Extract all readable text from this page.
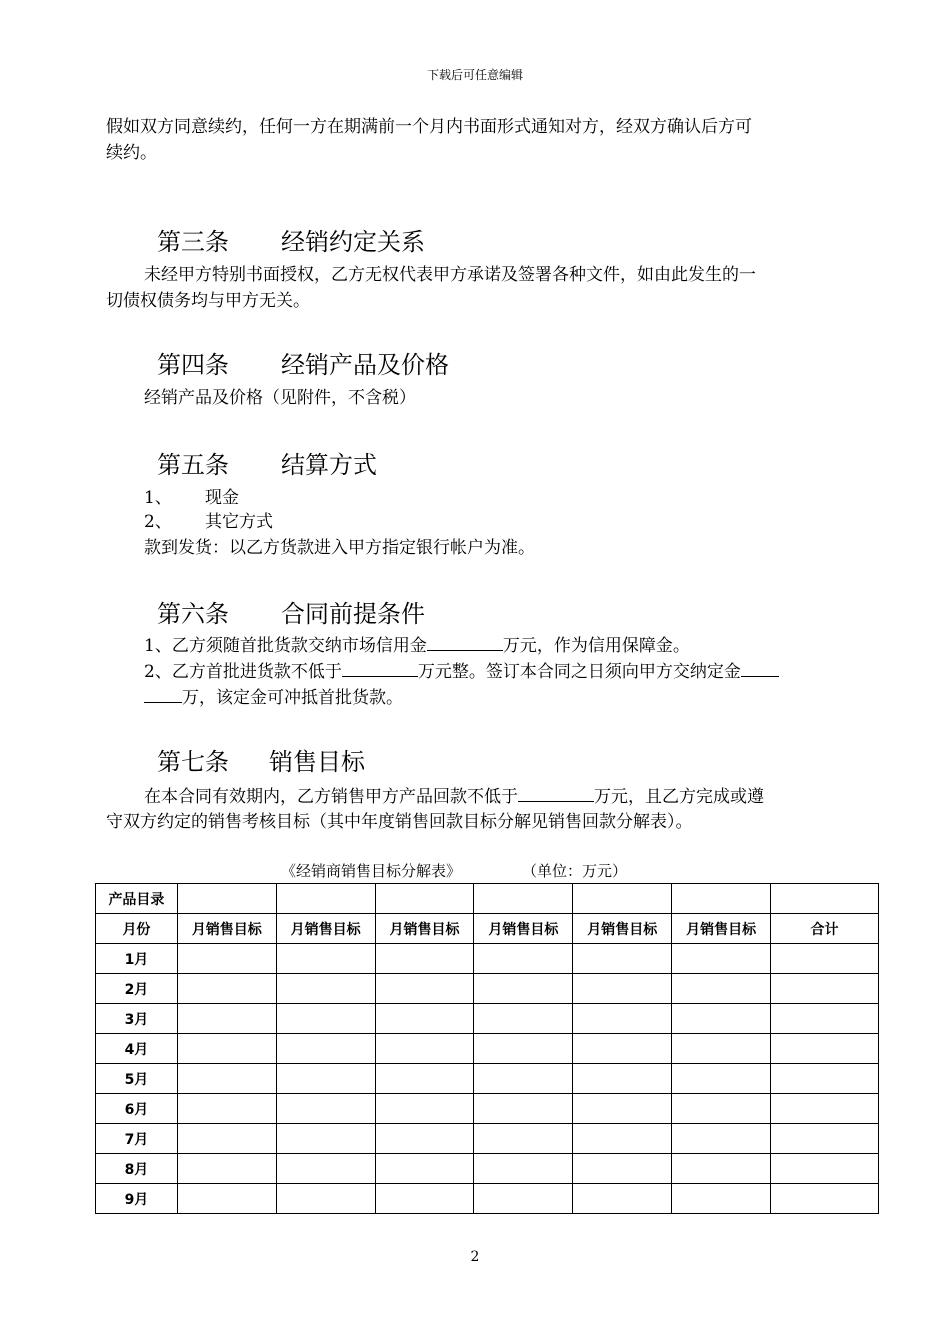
下载后可任意编辑
假如双方同意续约，任何一方在期满前一个月内书面形式通知对方，经双方确认后方可
续约。
第三条 经销约定关系
未经甲方特别书面授权，乙方无权代表甲方承诺及签署各种文件，如由此发生的一
切债权债务均与甲方无关。
第四条 经销产品及价格
经销产品及价格（见附件，不含税）
第五条 结算方式
1、 现金
2、 其它方式
款到发货：以乙方货款进入甲方指定银行帐户为准。
第六条 合同前提条件
1、乙方须随首批货款交纳市场信用金	万元，作为信用保障金。
2、乙方首批进货款不低于	万元整。签订本合同之日须向甲方交纳定金
万，该定金可冲抵首批货款。
第七条 销售目标
在本合同有效期内，乙方销售甲方产品回款不低于	万元，且乙方完成或遵
守双方约定的销售考核目标（其中年度销售回款目标分解见销售回款分解表）。
《经销商销售目标分解表》	（单位：万元）
产品目录							
月份	月销售目标	月销售目标	月销售目标	月销售目标	月销售目标	月销售目标	合计
1月							
2月							
3月							
4月							
5月							
6月							
7月							
8月							
9月							
2
